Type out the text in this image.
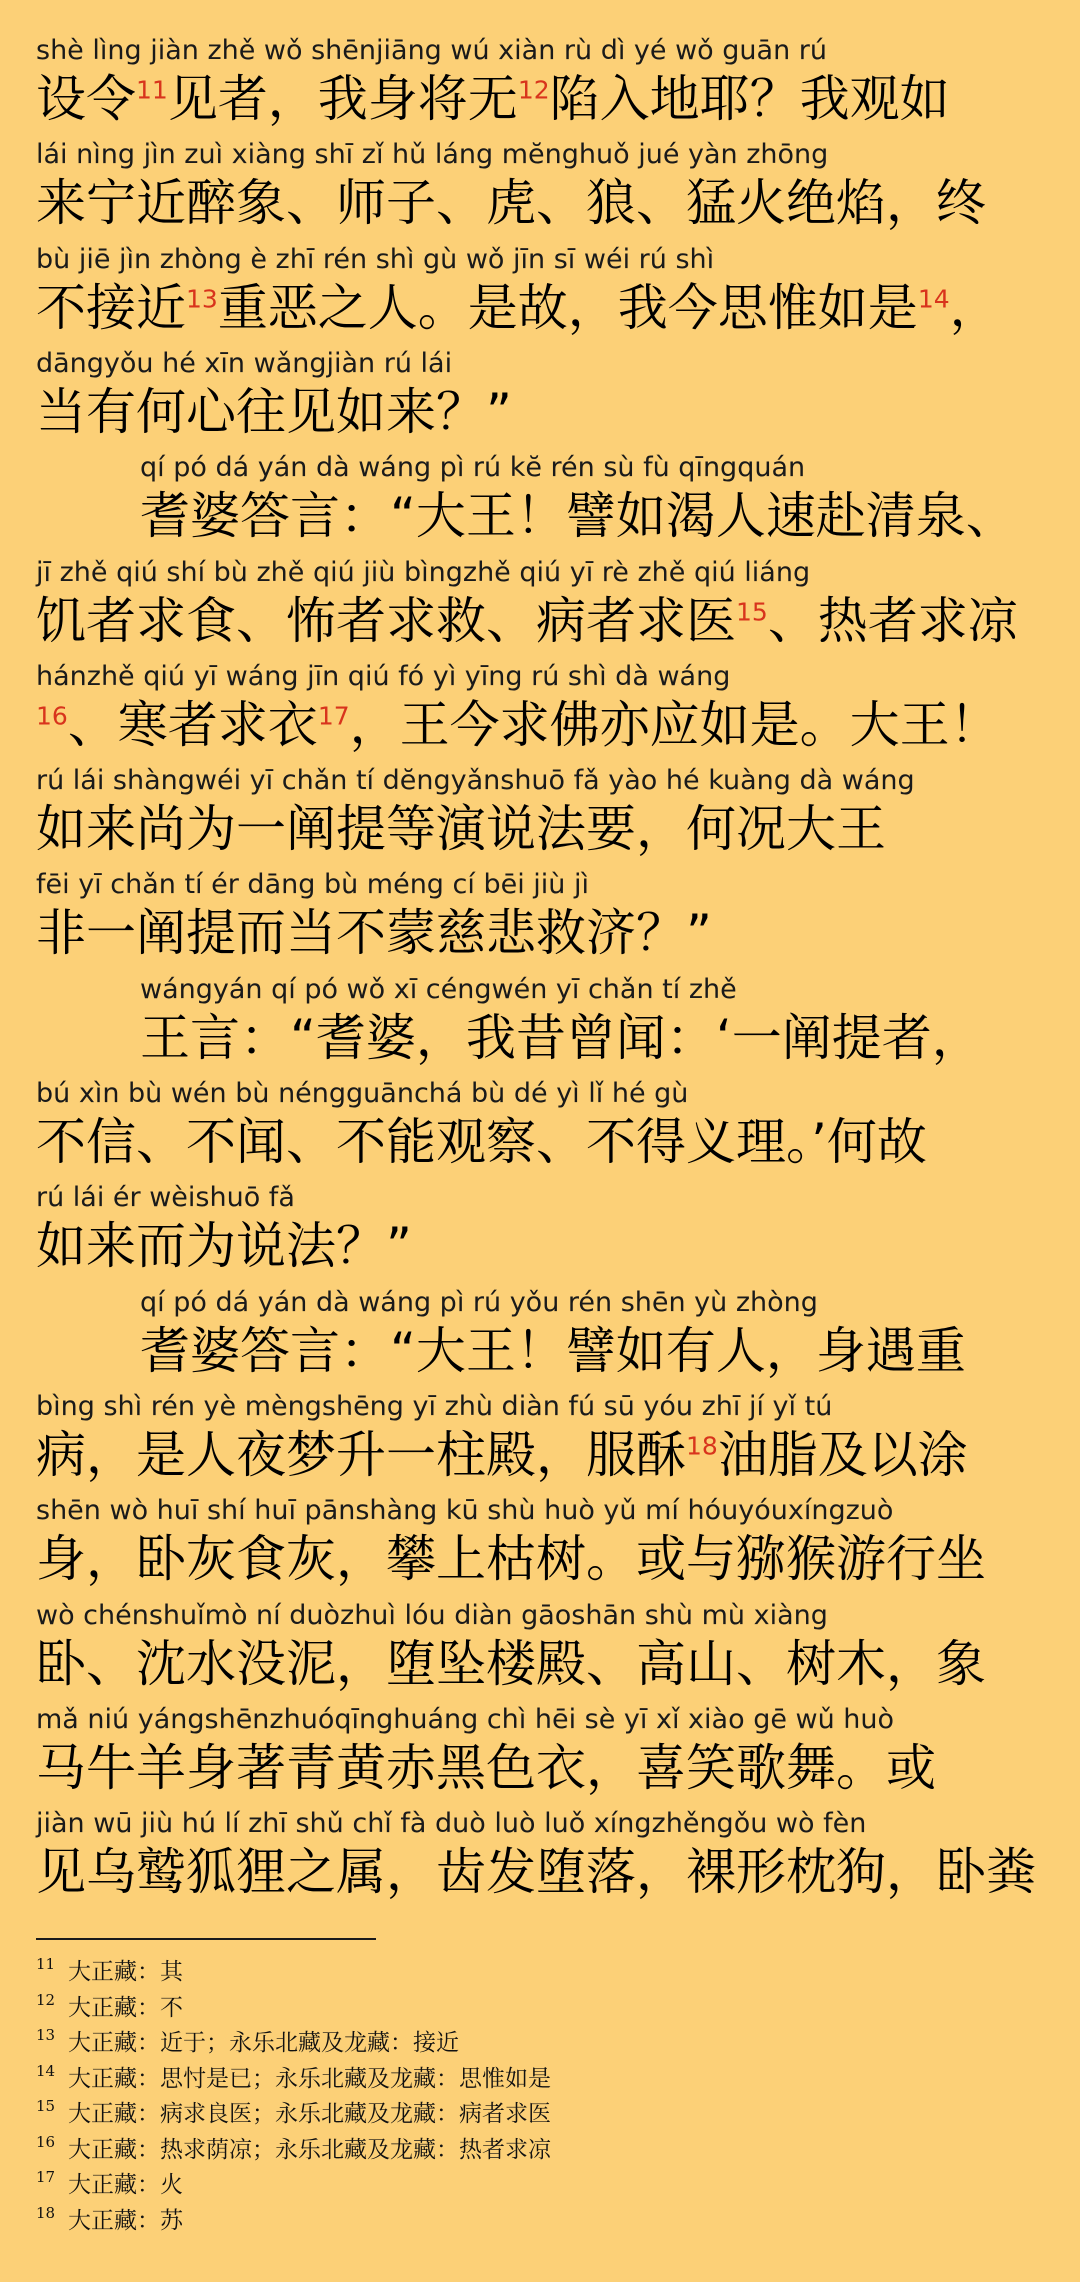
shè lìng jiàn zhě wǒ shēnjiāng wú xiàn rù dì yé wǒ guān rú
设令$^{11}$见者，我身将无$^{12}$陷入地耶？我观如
lái nìng jìn zuì xiàng shī zǐ hǔ láng mĕnghuǒ jué yàn zhōng
来宁近醉象、师子、虎、狼、猛火绝焰，终
bù jiē jìn zhòng è zhī rén shì gù wǒ jīn sī wéi rú shì
不接近$^{13}$重恶之人。是故，我今思惟如是$^{14}$，
dāngyǒu hé xīn wǎngjiàn rú lái
当有何心往见如来？”
qí pó dá yán dà wáng pì rú kĕ rén sù fù qīngquán
耆婆答言：“大王！譬如渴人速赴清泉、
jī zhě qiú shí bù zhě qiú jiù bìngzhě qiú yī rè zhě qiú liáng
饥者求食、怖者求救、病者求医$^{15}$、热者求凉
hánzhě qiú yī wáng jīn qiú fó yì yīng rú shì dà wáng
$^{16}$、寒者求衣$^{17}$，王今求佛亦应如是。大王！
rú lái shàngwéi yī chǎn tí dĕngyǎnshuō fǎ yào hé kuàng dà wáng
如来尚为一阐提等演说法要，何况大王
fēi yī chǎn tí ér dāng bù méng cí bēi jiù jì
非一阐提而当不蒙慈悲救济？”
wángyán qí pó wǒ xī céngwén yī chǎn tí zhě
王言：“耆婆，我昔曾闻：‘一阐提者，
bú xìn bù wén bù néngguānchá bù dé yì lǐ hé gù
不信、不闻、不能观察、不得义理。’何故
rú lái ér wèishuō fǎ
如来而为说法？”
qí pó dá yán dà wáng pì rú yǒu rén shēn yù zhòng
耆婆答言：“大王！譬如有人，身遇重
bìng shì rén yè mèngshēng yī zhù diàn fú sū yóu zhī jí yǐ tú
病，是人夜梦升一柱殿，服酥$^{18}$油脂及以涂
shēn wò huī shí huī pānshàng kū shù huò yǔ mí hóuyóuxíngzuò
身，卧灰食灰，攀上枯树。或与猕猴游行坐
wò chénshuǐmò ní duòzhuì lóu diàn gāoshān shù mù xiàng
卧、沈水没泥，堕坠楼殿、高山、树木，象
mǎ niú yángshēnzhuóqīnghuáng chì hēi sè yī xǐ xiào gē wǔ huò
马牛羊身著青黄赤黑色衣，喜笑歌舞。或
jiàn wū jiù hú lí zhī shǔ chǐ fà duò luò luǒ xíngzhěngǒu wò fèn
见乌鹫狐狸之属，齿发堕落，裸形枕狗，卧粪
11 大正藏：其
12 大正藏：不
13 大正藏：近于；永乐北藏及龙藏：接近
14 大正藏：思忖是已；永乐北藏及龙藏：思惟如是
15 大正藏：病求良医；永乐北藏及龙藏：病者求医
16 大正藏：热求荫凉；永乐北藏及龙藏：热者求凉
17 大正藏：火
18 大正藏：苏
